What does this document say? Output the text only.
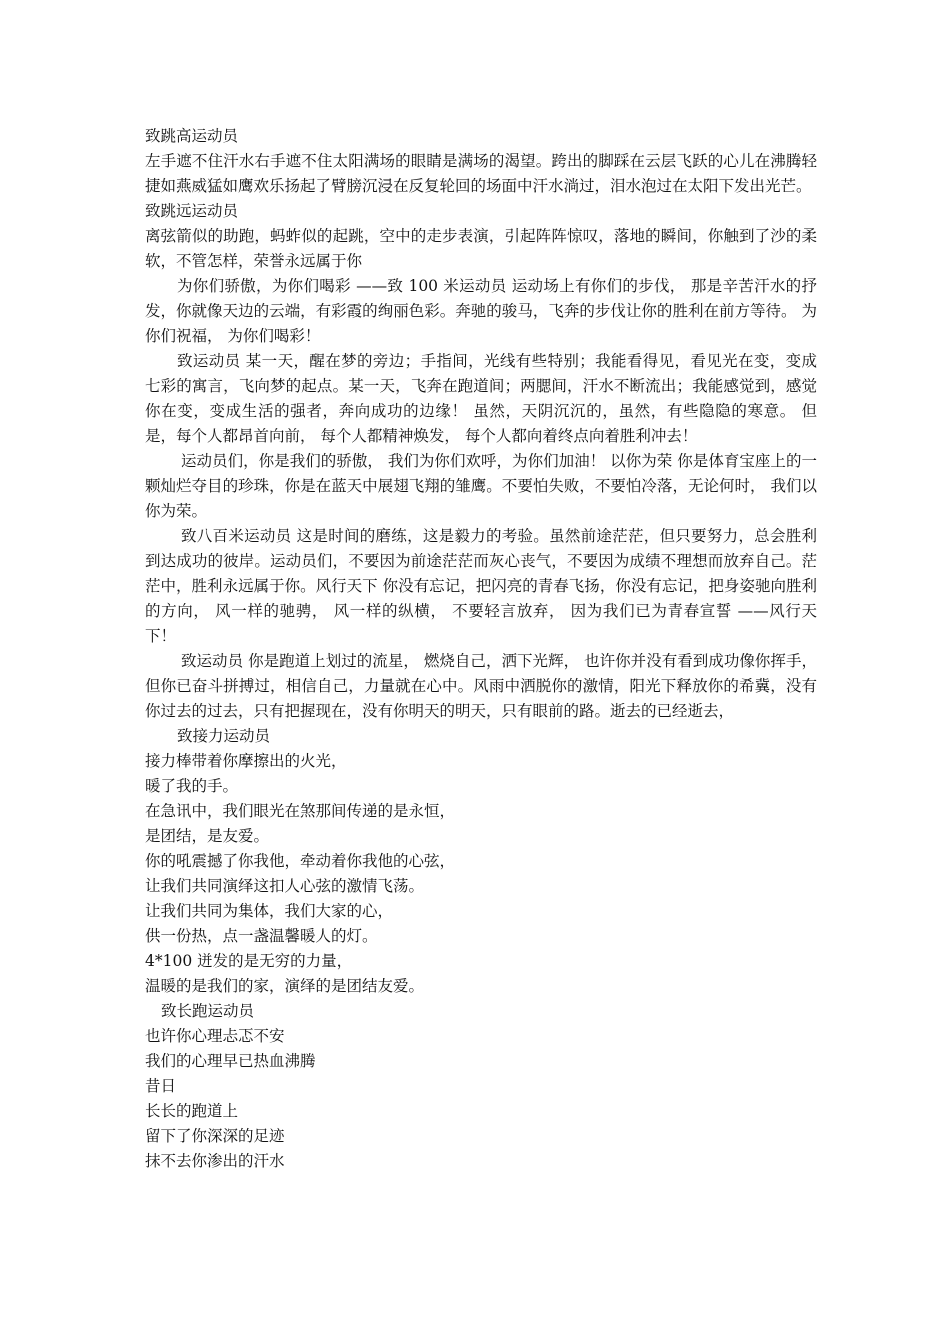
致跳高运动员
左手遮不住汗水右手遮不住太阳满场的眼睛是满场的渴望。跨出的脚踩在云层飞跃的心儿在沸腾轻捷如燕威猛如鹰欢乐扬起了臂膀沉浸在反复轮回的场面中汗水淌过，泪水泡过在太阳下发出光芒。
致跳远运动员
离弦箭似的助跑，蚂蚱似的起跳，空中的走步表演，引起阵阵惊叹，落地的瞬间，你触到了沙的柔软，不管怎样，荣誉永远属于你
为你们骄傲，为你们喝彩 ——致 100 米运动员 运动场上有你们的步伐， 那是辛苦汗水的抒发，你就像天边的云端，有彩霞的绚丽色彩。奔驰的骏马，飞奔的步伐让你的胜利在前方等待。 为你们祝福， 为你们喝彩！
致运动员 某一天，醒在梦的旁边；手指间，光线有些特别；我能看得见，看见光在变，变成七彩的寓言，飞向梦的起点。某一天，飞奔在跑道间；两腮间，汗水不断流出；我能感觉到，感觉你在变，变成生活的强者，奔向成功的边缘！ 虽然，天阴沉沉的，虽然，有些隐隐的寒意。 但是，每个人都昂首向前， 每个人都精神焕发， 每个人都向着终点向着胜利冲去！
运动员们，你是我们的骄傲， 我们为你们欢呼，为你们加油！ 以你为荣 你是体育宝座上的一颗灿烂夺目的珍珠，你是在蓝天中展翅飞翔的雏鹰。不要怕失败，不要怕冷落，无论何时， 我们以你为荣。
致八百米运动员 这是时间的磨练，这是毅力的考验。虽然前途茫茫，但只要努力，总会胜利到达成功的彼岸。运动员们，不要因为前途茫茫而灰心丧气，不要因为成绩不理想而放弃自己。茫茫中，胜利永远属于你。风行天下 你没有忘记，把闪亮的青春飞扬，你没有忘记，把身姿驰向胜利的方向， 风一样的驰骋， 风一样的纵横， 不要轻言放弃， 因为我们已为青春宣誓 ——风行天下！
致运动员 你是跑道上划过的流星， 燃烧自己，洒下光辉， 也许你并没有看到成功像你挥手，但你已奋斗拼搏过，相信自己，力量就在心中。风雨中洒脱你的激情，阳光下释放你的希冀，没有你过去的过去，只有把握现在，没有你明天的明天，只有眼前的路。逝去的已经逝去，
致接力运动员
接力棒带着你摩擦出的火光，
暖了我的手。
在急讯中，我们眼光在煞那间传递的是永恒，
是团结，是友爱。
你的吼震撼了你我他，牵动着你我他的心弦，
让我们共同演绎这扣人心弦的激情飞荡。
让我们共同为集体，我们大家的心，
供一份热，点一盏温馨暖人的灯。
4*100 迸发的是无穷的力量，
温暖的是我们的家，演绎的是团结友爱。
致长跑运动员
也许你心理忐忑不安
我们的心理早已热血沸腾
昔日
长长的跑道上
留下了你深深的足迹
抹不去你渗出的汗水
